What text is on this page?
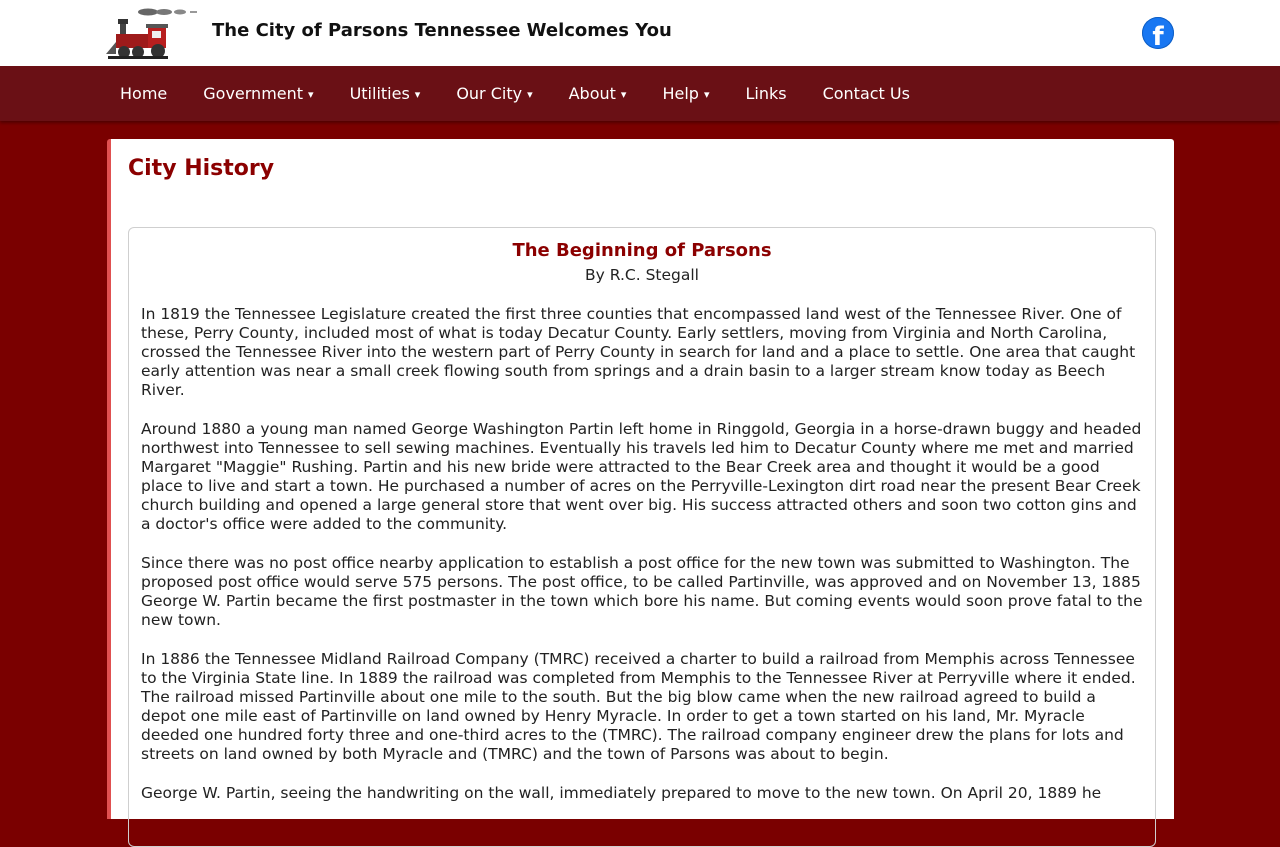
The City of Parsons Tennessee Welcomes You	f
Home	Government ▾	Utilities ▾	Our City ▾	About ▾	Help ▾	Links	Contact Us
City History
The Beginning of Parsons
By R.C. Stegall

In 1819 the Tennessee Legislature created the first three counties that encompassed land west of the Tennessee River. One of these, Perry County, included most of what is today Decatur County. Early settlers, moving from Virginia and North Carolina, crossed the Tennessee River into the western part of Perry County in search for land and a place to settle. One area that caught early attention was near a small creek flowing south from springs and a drain basin to a larger stream know today as Beech River.

Around 1880 a young man named George Washington Partin left home in Ringgold, Georgia in a horse-drawn buggy and headed northwest into Tennessee to sell sewing machines. Eventually his travels led him to Decatur County where me met and married Margaret "Maggie" Rushing. Partin and his new bride were attracted to the Bear Creek area and thought it would be a good place to live and start a town. He purchased a number of acres on the Perryville-Lexington dirt road near the present Bear Creek church building and opened a large general store that went over big. His success attracted others and soon two cotton gins and a doctor's office were added to the community.

Since there was no post office nearby application to establish a post office for the new town was submitted to Washington. The proposed post office would serve 575 persons. The post office, to be called Partinville, was approved and on November 13, 1885 George W. Partin became the first postmaster in the town which bore his name. But coming events would soon prove fatal to the new town.

In 1886 the Tennessee Midland Railroad Company (TMRC) received a charter to build a railroad from Memphis across Tennessee to the Virginia State line. In 1889 the railroad was completed from Memphis to the Tennessee River at Perryville where it ended. The railroad missed Partinville about one mile to the south. But the big blow came when the new railroad agreed to build a depot one mile east of Partinville on land owned by Henry Myracle. In order to get a town started on his land, Mr. Myracle deeded one hundred forty three and one-third acres to the (TMRC). The railroad company engineer drew the plans for lots and streets on land owned by both Myracle and (TMRC) and the town of Parsons was about to begin.

George W. Partin, seeing the handwriting on the wall, immediately prepared to move to the new town. On April 20, 1889 he
